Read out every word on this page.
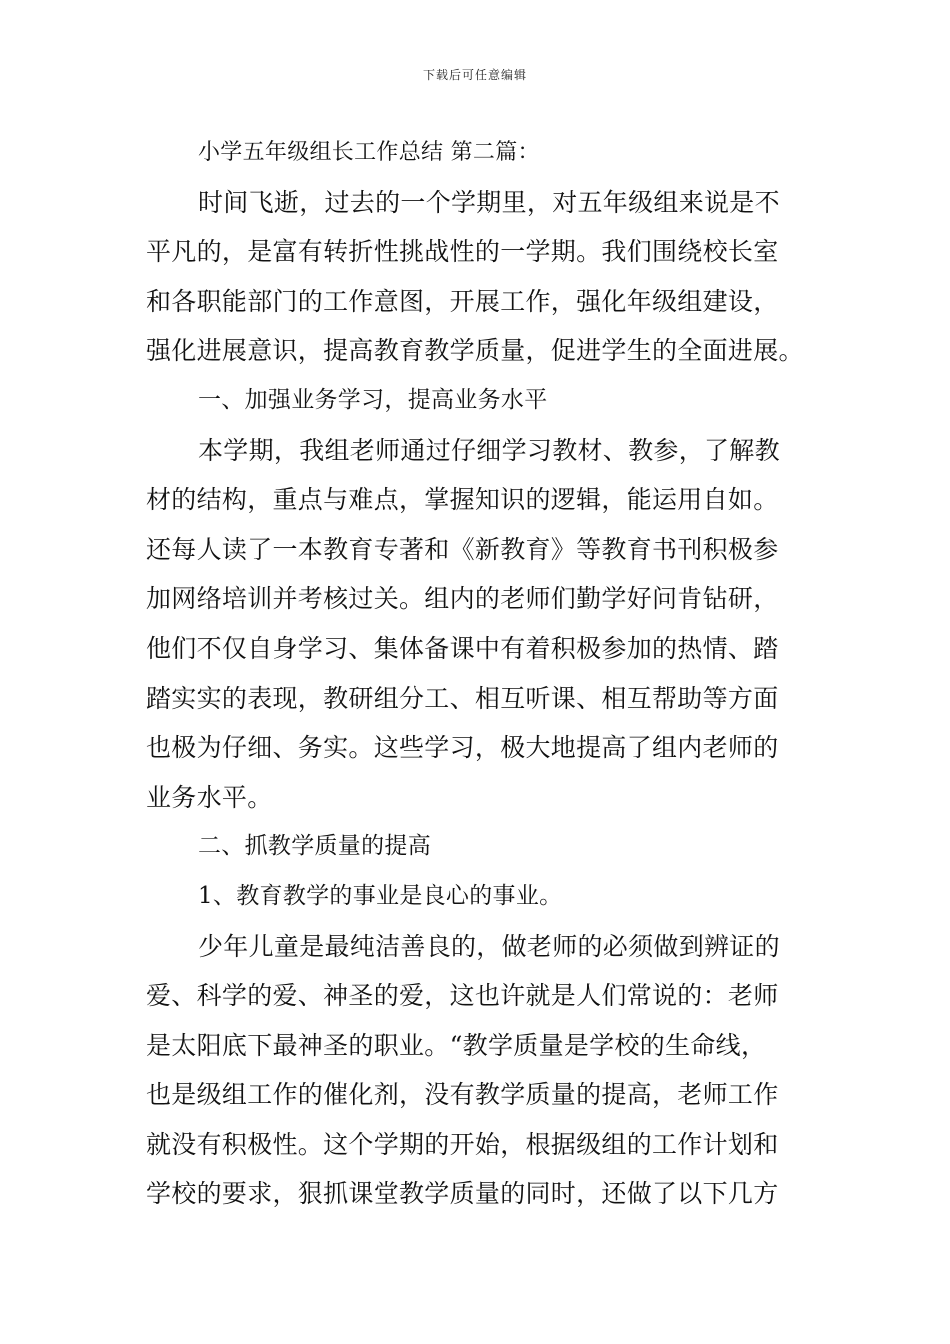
下载后可任意编辑
小学五年级组长工作总结 第二篇：
时间飞逝，过去的一个学期里，对五年级组来说是不
平凡的，是富有转折性挑战性的一学期。我们围绕校长室
和各职能部门的工作意图，开展工作，强化年级组建设，
强化进展意识，提高教育教学质量，促进学生的全面进展。
一、加强业务学习，提高业务水平
本学期，我组老师通过仔细学习教材、教参，了解教
材的结构，重点与难点，掌握知识的逻辑，能运用自如。
还每人读了一本教育专著和《新教育》等教育书刊积极参
加网络培训并考核过关。组内的老师们勤学好问肯钻研，
他们不仅自身学习、集体备课中有着积极参加的热情、踏
踏实实的表现，教研组分工、相互听课、相互帮助等方面
也极为仔细、务实。这些学习，极大地提高了组内老师的
业务水平。
二、抓教学质量的提高
1、教育教学的事业是良心的事业。
少年儿童是最纯洁善良的，做老师的必须做到辨证的
爱、科学的爱、神圣的爱，这也许就是人们常说的：老师
是太阳底下最神圣的职业。“教学质量是学校的生命线，
也是级组工作的催化剂，没有教学质量的提高，老师工作
就没有积极性。这个学期的开始，根据级组的工作计划和
学校的要求，狠抓课堂教学质量的同时，还做了以下几方
